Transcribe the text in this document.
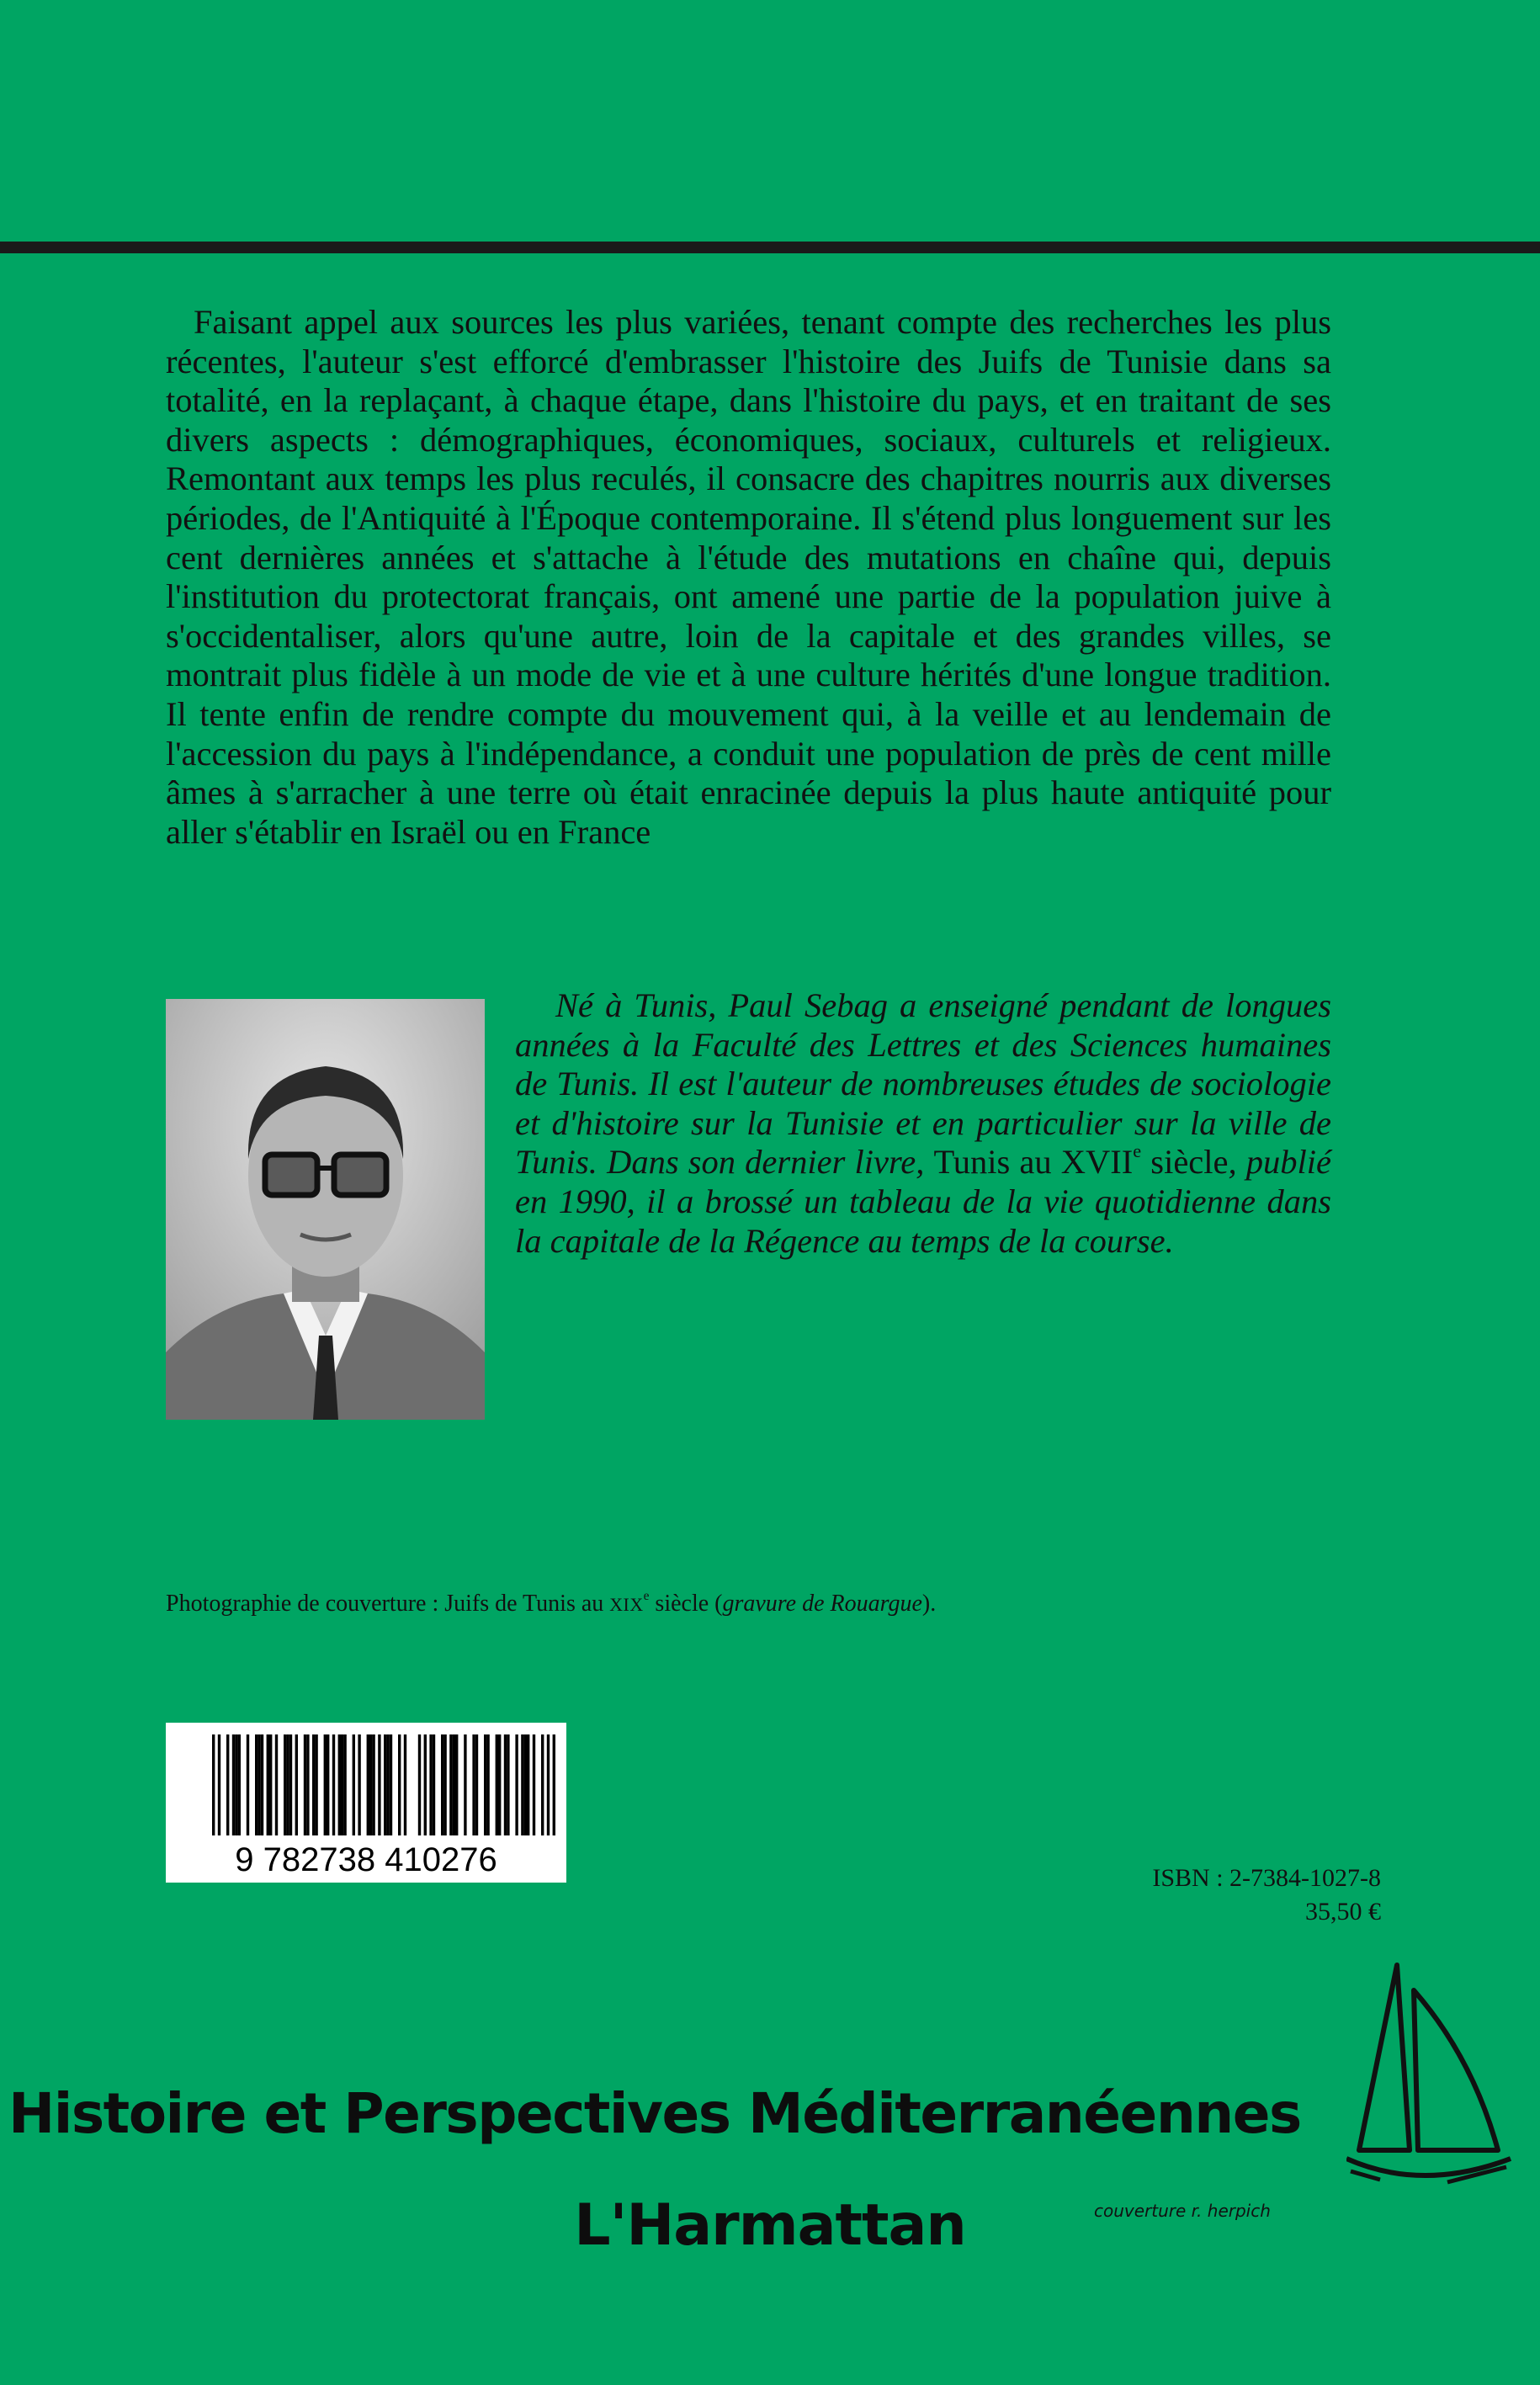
Faisant appel aux sources les plus variées, tenant compte des recherches les plus récentes, l'auteur s'est efforcé d'embrasser l'histoire des Juifs de Tunisie dans sa totalité, en la replaçant, à chaque étape, dans l'histoire du pays, et en traitant de ses divers aspects : démographiques, économiques, sociaux, culturels et religieux. Remontant aux temps les plus reculés, il consacre des chapitres nourris aux diverses périodes, de l'Antiquité à l'Époque contemporaine. Il s'étend plus longuement sur les cent dernières années et s'attache à l'étude des mutations en chaîne qui, depuis l'institution du protectorat français, ont amené une partie de la population juive à s'occidentaliser, alors qu'une autre, loin de la capitale et des grandes villes, se montrait plus fidèle à un mode de vie et à une culture hérités d'une longue tradition. Il tente enfin de rendre compte du mouvement qui, à la veille et au lendemain de l'accession du pays à l'indépendance, a conduit une population de près de cent mille âmes à s'arracher à une terre où était enracinée depuis la plus haute antiquité pour aller s'établir en Israël ou en France

Né à Tunis, Paul Sebag a enseigné pendant de longues années à la Faculté des Lettres et des Sciences humaines de Tunis. Il est l'auteur de nombreuses études de sociologie et d'histoire sur la Tunisie et en particulier sur la ville de Tunis. Dans son dernier livre, Tunis au XVIIe siècle, publié en 1990, il a brossé un tableau de la vie quotidienne dans la capitale de la Régence au temps de la course.

Photographie de couverture : Juifs de Tunis au XIXe siècle (gravure de Rouargue).

9 782738 410276	ISBN : 2-7384-1027-8
35,50 €

Histoire et Perspectives Méditerranéennes

L'Harmattan	couverture r. herpich
